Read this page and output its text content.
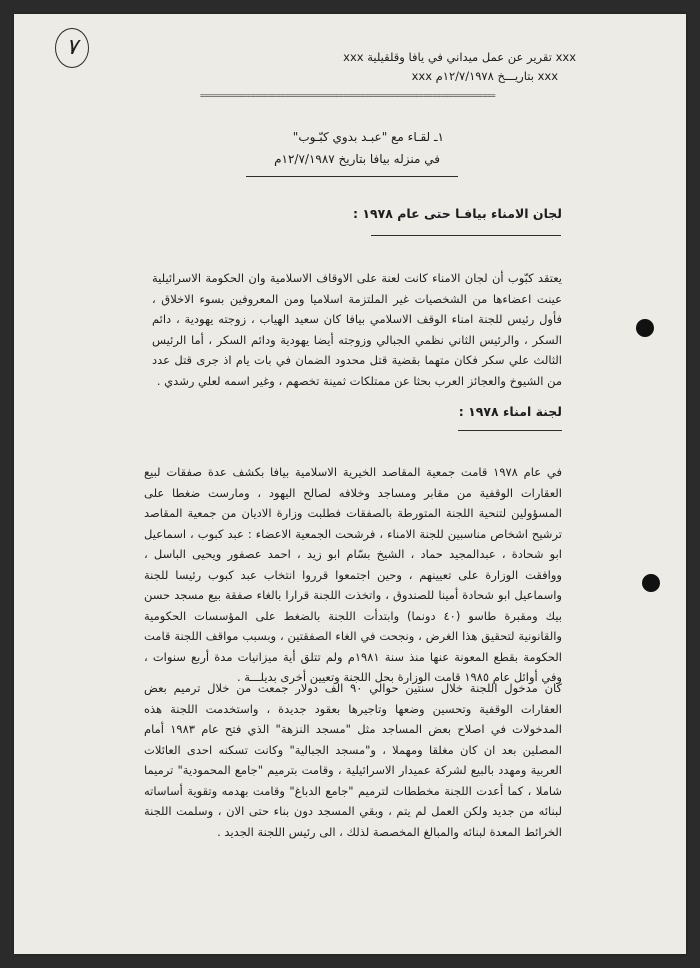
٧	xxx تقرير عن عمل ميداني في يافا وقلقيلية xxx
xxx بتاريـــخ ١٢/٧/١٩٧٨م xxx
======================================================================
١ـ لقـاء مع "عبـد بدوي كبّـوب"
في منزله بيافا بتاريخ ١٢/٧/١٩٨٧م
لجان الامناء بيافـا حتى عام ١٩٧٨ :
يعتقد كبّوب أن لجان الامناء كانت لعنة على الاوقاف الاسلامية وان الحكومة الاسرائيلية عينت اعضاءها من الشخصيات غير الملتزمة اسلاميا ومن المعروفين بسوء الاخلاق ، فأول رئيس للجنة امناء الوقف الاسلامي بيافا كان سعيد الهياب ، زوجته يهودية ، دائم السكر ، والرئيس الثاني نظمي الجبالي وزوجته أيضا يهودية ودائم السكر ، أما الرئيس الثالث علي سكر فكان متهما بقضية قتل محدود الضمان في بات يام اذ جرى قتل عدد من الشيوخ والعجائز العرب بحثا عن ممتلكات ثمينة تخصهم ، وغير اسمه لعلي رشدي .
لجنة امناء ١٩٧٨ :
في عام ١٩٧٨ قامت جمعية المقاصد الخيرية الاسلامية بيافا بكشف عدة صفقات لبيع العقارات الوقفية من مقابر ومساجد وخلافه لصالح اليهود ، ومارست ضغطا على المسؤولين لتنحية اللجنة المتورطة بالصفقات فطلبت وزارة الاديان من جمعية المقاصد ترشيح اشخاص مناسبين للجنة الامناء ، فرشحت الجمعية الاعضاء : عبد كبوب ، اسماعيل ابو شحادة ، عبدالمجيد حماد ، الشيخ بسّام ابو زيد ، احمد عصفور ويحيى الباسل ، ووافقت الوزارة على تعيينهم ، وحين اجتمعوا قرروا انتخاب عبد كبوب رئيسا للجنة واسماعيل ابو شحادة أمينا للصندوق ، واتخذت اللجنة قرارا بالغاء صفقة بيع مسجد حسن بيك ومقبرة طاسو (٤٠ دونما) وابتدأت اللجنة بالضغط على المؤسسات الحكومية والقانونية لتحقيق هذا الغرض ، ونجحت في الغاء الصفقتين ، وبسبب مواقف اللجنة قامت الحكومة بقطع المعونة عنها منذ سنة ١٩٨١م ولم تتلق أية ميزانيات مدة أربع سنوات ، وفي أوائل عام ١٩٨٥ قامت الوزارة بحل اللجنة وتعيين أخرى بديلـــة .
كان مدخول اللجنة خلال سنتين حوالي ٩٠ الف دولار جمعت من خلال ترميم بعض العقارات الوقفية وتحسين وضعها وتاجيرها بعقود جديدة ، واستخدمت اللجنة هذه المدخولات في اصلاح بعض المساجد مثل "مسجد النزهة" الذي فتح عام ١٩٨٣ أمام المصلين بعد ان كان مغلقا ومهملا ، و"مسجد الجبالية" وكانت تسكنه احدى العائلات العربية ومهدد بالبيع لشركة عميدار الاسرائيلية ، وقامت بترميم "جامع المحمودية" ترميما شاملا ، كما أعدت اللجنة مخططات لترميم "جامع الدباغ" وقامت بهدمه وتقوية أساساته لبنائه من جديد ولكن العمل لم يتم ، وبقي المسجد دون بناء حتى الان ، وسلمت اللجنة الخرائط المعدة لبنائه والمبالغ المخصصة لذلك ، الى رئيس اللجنة الجديد .
